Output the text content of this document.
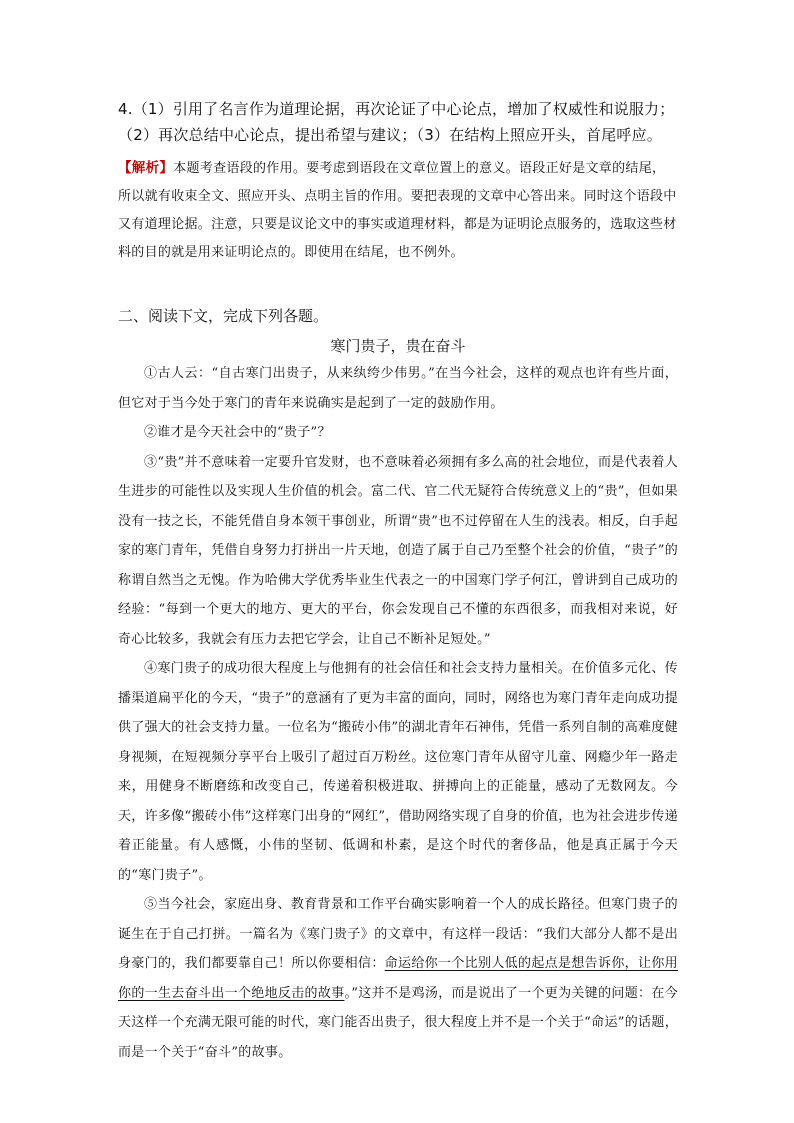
4.（1）引用了名言作为道理论据，再次论证了中心论点，增加了权威性和说服力；（2）再次总结中心论点，提出希望与建议；（3）在结构上照应开头，首尾呼应。

【解析】本题考查语段的作用。要考虑到语段在文章位置上的意义。语段正好是文章的结尾，所以就有收束全文、照应开头、点明主旨的作用。要把表现的文章中心答出来。同时这个语段中又有道理论据。注意，只要是议论文中的事实或道理材料，都是为证明论点服务的，选取这些材料的目的就是用来证明论点的。即使用在结尾，也不例外。

二、阅读下文，完成下列各题。

寒门贵子，贵在奋斗

①古人云：“自古寒门出贵子，从来纨绔少伟男。”在当今社会，这样的观点也许有些片面，但它对于当今处于寒门的青年来说确实是起到了一定的鼓励作用。

②谁才是今天社会中的“贵子”？

③“贵”并不意味着一定要升官发财，也不意味着必须拥有多么高的社会地位，而是代表着人生进步的可能性以及实现人生价值的机会。富二代、官二代无疑符合传统意义上的“贵”，但如果没有一技之长，不能凭借自身本领干事创业，所谓“贵”也不过停留在人生的浅表。相反，白手起家的寒门青年，凭借自身努力打拼出一片天地，创造了属于自己乃至整个社会的价值，“贵子”的称谓自然当之无愧。作为哈佛大学优秀毕业生代表之一的中国寒门学子何江，曾讲到自己成功的经验：“每到一个更大的地方、更大的平台，你会发现自己不懂的东西很多，而我相对来说，好奇心比较多，我就会有压力去把它学会，让自己不断补足短处。”

④寒门贵子的成功很大程度上与他拥有的社会信任和社会支持力量相关。在价值多元化、传播渠道扁平化的今天，“贵子”的意涵有了更为丰富的面向，同时，网络也为寒门青年走向成功提供了强大的社会支持力量。一位名为“搬砖小伟”的湖北青年石神伟，凭借一系列自制的高难度健身视频，在短视频分享平台上吸引了超过百万粉丝。这位寒门青年从留守儿童、网瘾少年一路走来，用健身不断磨练和改变自己，传递着积极进取、拼搏向上的正能量，感动了无数网友。今天，许多像“搬砖小伟”这样寒门出身的“网红”，借助网络实现了自身的价值，也为社会进步传递着正能量。有人感慨，小伟的坚韧、低调和朴素，是这个时代的奢侈品，他是真正属于今天的“寒门贵子”。

⑤当今社会，家庭出身、教育背景和工作平台确实影响着一个人的成长路径。但寒门贵子的诞生在于自己打拼。一篇名为《寒门贵子》的文章中，有这样一段话：“我们大部分人都不是出身豪门的，我们都要靠自己！所以你要相信：命运给你一个比别人低的起点是想告诉你，让你用你的一生去奋斗出一个绝地反击的故事。”这并不是鸡汤，而是说出了一个更为关键的问题：在今天这样一个充满无限可能的时代，寒门能否出贵子，很大程度上并不是一个关于“命运”的话题，而是一个关于“奋斗”的故事。
